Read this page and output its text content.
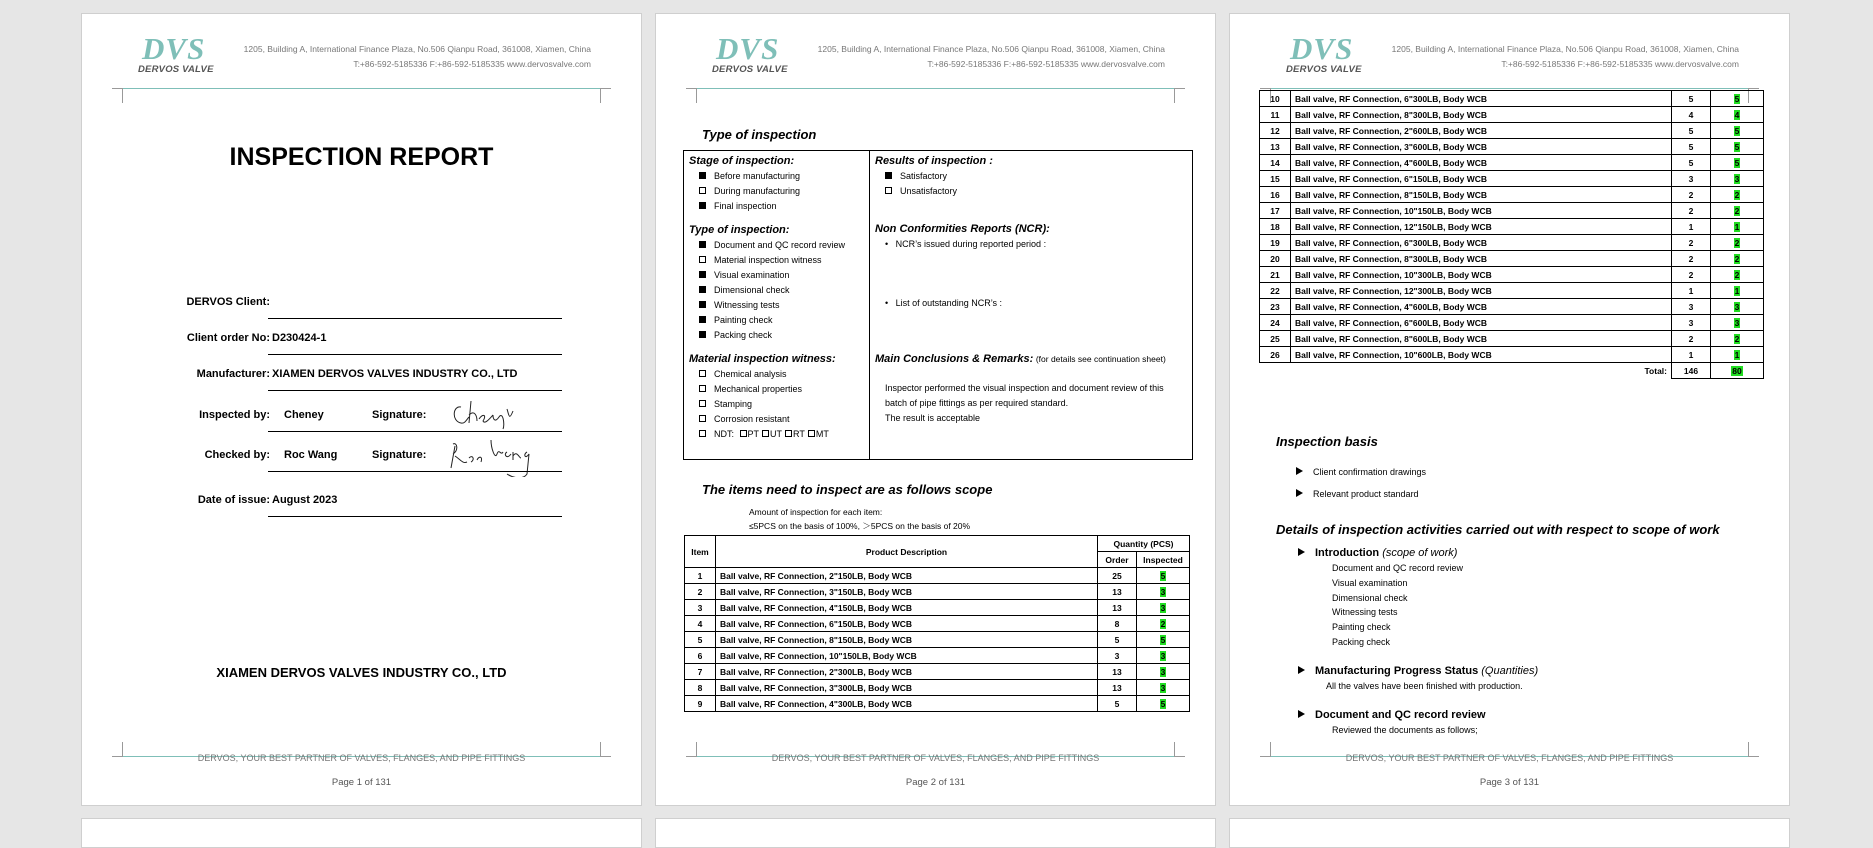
DVS
DERVOS VALVE
1205, Building A, International Finance Plaza, No.506 Qianpu Road, 361008, Xiamen, China
T:+86-592-5185336 F:+86-592-5185335 www.dervosvalve.com
INSPECTION REPORT
DERVOS Client:
Client order No: D230424-1
Manufacturer: XIAMEN DERVOS VALVES INDUSTRY CO., LTD
Inspected by: Cheney	Signature:
Checked by: Roc Wang	Signature:
Date of issue: August 2023
XIAMEN DERVOS VALVES INDUSTRY CO., LTD
DERVOS, YOUR BEST PARTNER OF VALVES, FLANGES, AND PIPE FITTINGS
Page 1 of 131
DVS
DERVOS VALVE
1205, Building A, International Finance Plaza, No.506 Qianpu Road, 361008, Xiamen, China
T:+86-592-5185336 F:+86-592-5185335 www.dervosvalve.com
Type of inspection
Stage of inspection:
Before manufacturing
During manufacturing
Final inspection
Type of inspection:
Document and QC record review
Material inspection witness
Visual examination
Dimensional check
Witnessing tests
Painting check
Packing check
Material inspection witness:
Chemical analysis
Mechanical properties
Stamping
Corrosion resistant
NDT: PT UT RT MT
Results of inspection :
Satisfactory
Unsatisfactory
Non Conformities Reports (NCR):
•   NCR’s issued during reported period :
•   List of outstanding NCR’s :
Main Conclusions & Remarks: (for details see continuation sheet)
Inspector performed the visual inspection and document review of this batch of pipe fittings as per required standard.
The result is acceptable
The items need to inspect are as follows scope
Amount of inspection for each item:
≤5PCS on the basis of 100%, ＞5PCS on the basis of 20%
Item	Product Description	Quantity (PCS)	
		Order	Inspected
1	Ball valve, RF Connection, 2"150LB, Body WCB	25	5
2	Ball valve, RF Connection, 3"150LB, Body WCB	13	3
3	Ball valve, RF Connection, 4"150LB, Body WCB	13	3
4	Ball valve, RF Connection, 6"150LB, Body WCB	8	2
5	Ball valve, RF Connection, 8"150LB, Body WCB	5	5
6	Ball valve, RF Connection, 10"150LB, Body WCB	3	3
7	Ball valve, RF Connection, 2"300LB, Body WCB	13	3
8	Ball valve, RF Connection, 3"300LB, Body WCB	13	3
9	Ball valve, RF Connection, 4"300LB, Body WCB	5	5
DERVOS, YOUR BEST PARTNER OF VALVES, FLANGES, AND PIPE FITTINGS
Page 2 of 131
DVS
DERVOS VALVE
1205, Building A, International Finance Plaza, No.506 Qianpu Road, 361008, Xiamen, China
T:+86-592-5185336 F:+86-592-5185335 www.dervosvalve.com
10	Ball valve, RF Connection, 6"300LB, Body WCB	5	5
11	Ball valve, RF Connection, 8"300LB, Body WCB	4	4
12	Ball valve, RF Connection, 2"600LB, Body WCB	5	5
13	Ball valve, RF Connection, 3"600LB, Body WCB	5	5
14	Ball valve, RF Connection, 4"600LB, Body WCB	5	5
15	Ball valve, RF Connection, 6"150LB, Body WCB	3	3
16	Ball valve, RF Connection, 8"150LB, Body WCB	2	2
17	Ball valve, RF Connection, 10"150LB, Body WCB	2	2
18	Ball valve, RF Connection, 12"150LB, Body WCB	1	1
19	Ball valve, RF Connection, 6"300LB, Body WCB	2	2
20	Ball valve, RF Connection, 8"300LB, Body WCB	2	2
21	Ball valve, RF Connection, 10"300LB, Body WCB	2	2
22	Ball valve, RF Connection, 12"300LB, Body WCB	1	1
23	Ball valve, RF Connection, 4"600LB, Body WCB	3	3
24	Ball valve, RF Connection, 6"600LB, Body WCB	3	3
25	Ball valve, RF Connection, 8"600LB, Body WCB	2	2
26	Ball valve, RF Connection, 10"600LB, Body WCB	1	1
Total:		146	80
Inspection basis
Client confirmation drawings
Relevant product standard
Details of inspection activities carried out with respect to scope of work
Introduction (scope of work)
Document and QC record review
Visual examination
Dimensional check
Witnessing tests
Painting check
Packing check
Manufacturing Progress Status (Quantities)
All the valves have been finished with production.
Document and QC record review
Reviewed the documents as follows;
DERVOS, YOUR BEST PARTNER OF VALVES, FLANGES, AND PIPE FITTINGS
Page 3 of 131
